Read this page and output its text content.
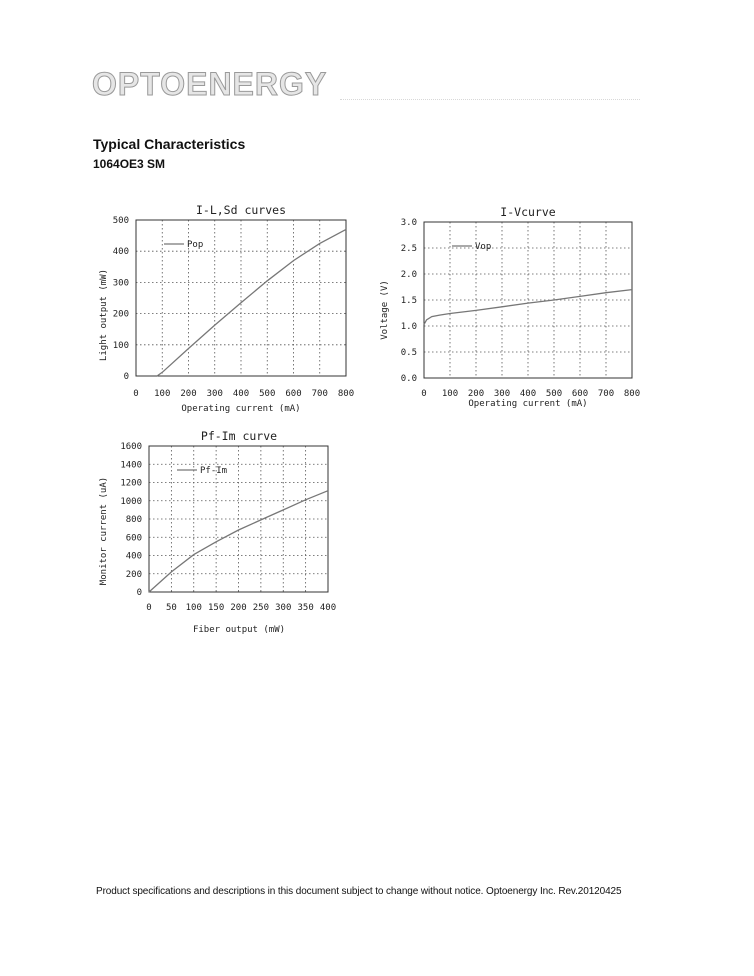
OPTOENERGY
Typical Characteristics
1064OE3 SM
Pop
I-L,Sd curves
0 100 200 300 400 500 600 700 800
0
100
200
300
400
500
Operating current (mA)
Light output (mW)
Vop
I-Vcurve
0 100 200 300 400 500 600 700 800
0.0
0.5
1.0
1.5
2.0
2.5
3.0
Operating current (mA)
Voltage (V)
Pf-Im
Pf-Im curve
0 50 100 150 200 250 300 350 400
0
200
400
600
800
1000
1200
1400
1600
Fiber output (mW)
Monitor current (uA)
Product specifications and descriptions in this document subject to change without notice. Optoenergy Inc. Rev.20120425
